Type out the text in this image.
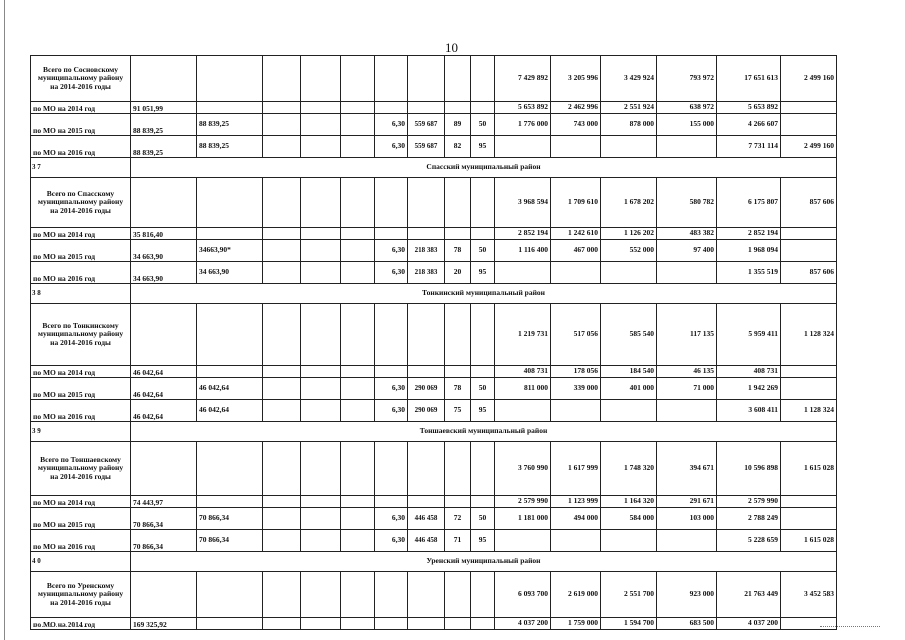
10
Всего по Сосновскому муниципальному району на 2014-2016 годы										7 429 892	3 205 996	3 429 924	793 972	17 651 613	2 499 160
по МО на 2014 год	91 051,99									5 653 892	2 462 996	2 551 924	638 972	5 653 892	
по МО на 2015 год	88 839,25	88 839,25				6,30	559 687	89	50	1 776 000	743 000	878 000	155 000	4 266 607	
по МО на 2016 год	88 839,25	88 839,25				6,30	559 687	82	95					7 731 114	2 499 160
3 7	Спасский муниципальный район														
Всего по Спасскому муниципальному району на 2014-2016 годы										3 968 594	1 709 610	1 678 202	580 782	6 175 807	857 606
по МО на 2014 год	35 816,40									2 852 194	1 242 610	1 126 202	483 382	2 852 194	
по МО на 2015 год	34 663,90	34663,90*				6,30	218 383	78	50	1 116 400	467 000	552 000	97 400	1 968 094	
по МО на 2016 год	34 663,90	34 663,90				6,30	218 383	20	95					1 355 519	857 606
3 8	Тонкинский муниципальный район														
Всего по Тонкинскому муниципальному району на 2014-2016 годы										1 219 731	517 056	585 540	117 135	5 959 411	1 128 324
по МО на 2014 год	46 042,64									408 731	178 056	184 540	46 135	408 731	
по МО на 2015 год	46 042,64	46 042,64				6,30	290 069	78	50	811 000	339 000	401 000	71 000	1 942 269	
по МО на 2016 год	46 042,64	46 042,64				6,30	290 069	75	95					3 608 411	1 128 324
3 9	Тоншаевский муниципальный район														
Всего по Тоншаевскому муниципальному району на 2014-2016 годы										3 760 990	1 617 999	1 748 320	394 671	10 596 898	1 615 028
по МО на 2014 год	74 443,97									2 579 990	1 123 999	1 164 320	291 671	2 579 990	
по МО на 2015 год	70 866,34	70 866,34				6,30	446 458	72	50	1 181 000	494 000	584 000	103 000	2 788 249	
по МО на 2016 год	70 866,34	70 866,34				6,30	446 458	71	95					5 228 659	1 615 028
4 0	Уренский муниципальный район														
Всего по Уренскому муниципальному району на 2014-2016 годы										6 093 700	2 619 000	2 551 700	923 000	21 763 449	3 452 583
по МО на 2014 год	169 325,92									4 037 200	1 759 000	1 594 700	683 500	4 037 200	
